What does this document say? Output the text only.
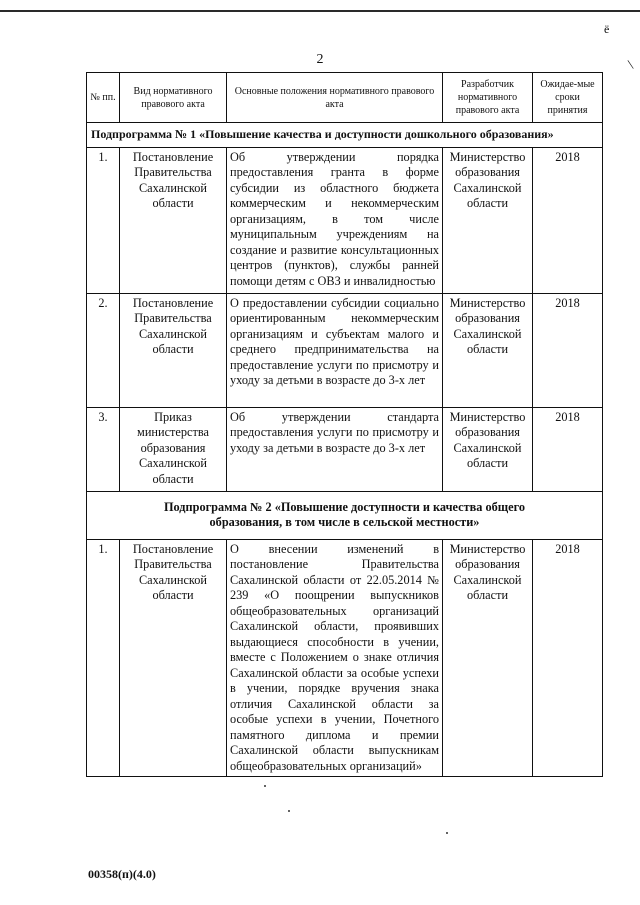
ё
\
2
№ пп.	Вид нормативного правового акта	Основные положения нормативного правового акта	Разработчик нормативного правового акта	Ожидае-мые сроки принятия
Подпрограмма № 1 «Повышение качества и доступности дошкольного образования»				
1.	Постановление Правительства Сахалинской области	Об утверждении порядка предоставления гранта в форме субсидии из областного бюджета коммерческим и некоммерческим организациям, в том числе муниципальным учреждениям на создание и развитие консультационных центров (пунктов), службы ранней помощи детям с ОВЗ и инвалидностью	Министерство образования Сахалинской области	2018
2.	Постановление Правительства Сахалинской области	О предоставлении субсидии социально ориентированным некоммерческим организациям и субъектам малого и среднего предпринимательства на предоставление услуги по присмотру и уходу за детьми в возрасте до 3-х лет	Министерство образования Сахалинской области	2018
3.	Приказ министерства образования Сахалинской области	Об утверждении стандарта предоставления услуги по присмотру и уходу за детьми в возрасте до 3-х лет	Министерство образования Сахалинской области	2018
Подпрограмма № 2 «Повышение доступности и качества общего образования, в том числе в сельской местности»				
1.	Постановление Правительства Сахалинской области	О внесении изменений в постановление Правительства Сахалинской области от 22.05.2014 № 239 «О поощрении выпускников общеобразовательных организаций Сахалинской области, проявивших выдающиеся способности в учении, вместе с Положением о знаке отличия Сахалинской области за особые успехи в учении, порядке вручения знака отличия Сахалинской области за особые успехи в учении, Почетного памятного диплома и премии Сахалинской области выпускникам общеобразовательных организаций»	Министерство образования Сахалинской области	2018
00358(п)(4.0)
